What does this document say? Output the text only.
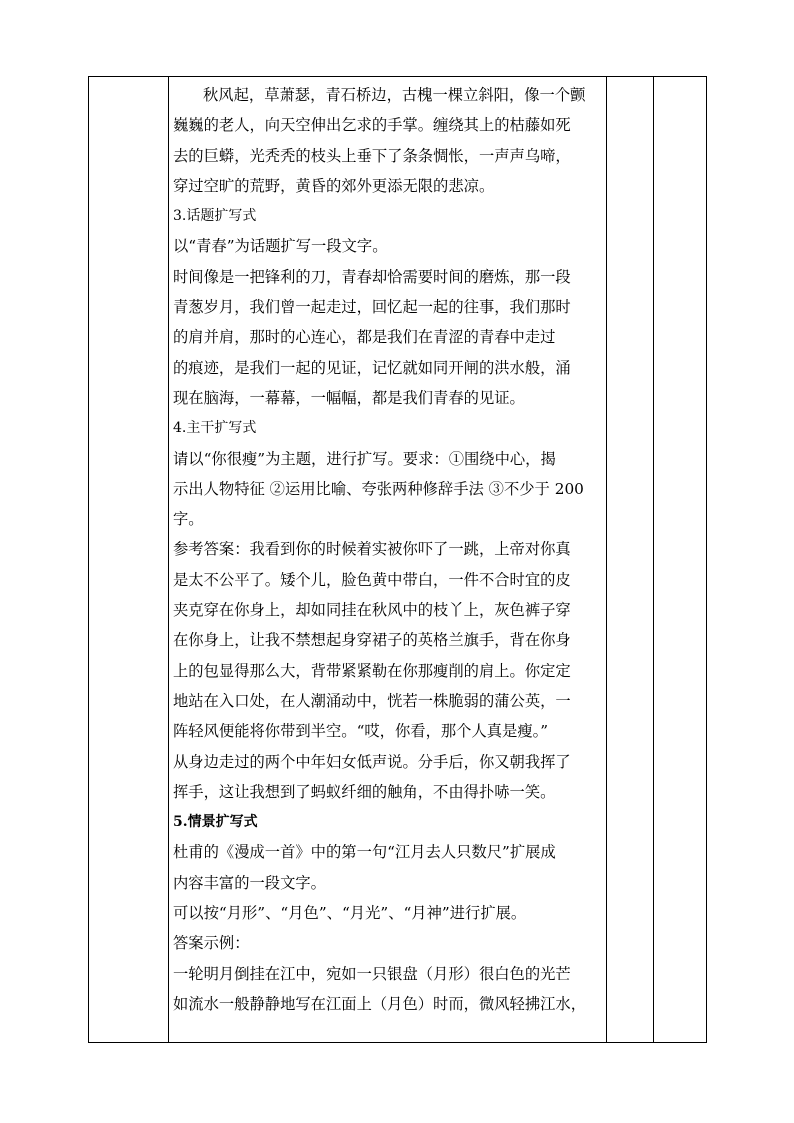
秋风起，草萧瑟，青石桥边，古槐一棵立斜阳，像一个颤

巍巍的老人，向天空伸出乞求的手掌。缠绕其上的枯藤如死

去的巨蟒，光秃秃的枝头上垂下了条条惆怅，一声声乌啼，

穿过空旷的荒野，黄昏的郊外更添无限的悲凉。

3.话题扩写式

以“青春”为话题扩写一段文字。

时间像是一把锋利的刀，青春却恰需要时间的磨炼，那一段

青葱岁月，我们曾一起走过，回忆起一起的往事，我们那时

的肩并肩，那时的心连心，都是我们在青涩的青春中走过

的痕迹，是我们一起的见证，记忆就如同开闸的洪水般，涌

现在脑海，一幕幕，一幅幅，都是我们青春的见证。

4.主干扩写式

请以“你很瘦”为主题，进行扩写。要求：①围绕中心，揭

示出人物特征 ②运用比喻、夸张两种修辞手法 ③不少于 200

字。

参考答案：我看到你的时候着实被你吓了一跳，上帝对你真

是太不公平了。矮个儿，脸色黄中带白，一件不合时宜的皮

夹克穿在你身上，却如同挂在秋风中的枝丫上，灰色裤子穿

在你身上，让我不禁想起身穿裙子的英格兰旗手，背在你身

上的包显得那么大，背带紧紧勒在你那瘦削的肩上。你定定

地站在入口处，在人潮涌动中，恍若一株脆弱的蒲公英，一

阵轻风便能将你带到半空。“哎，你看，那个人真是瘦。”

从身边走过的两个中年妇女低声说。分手后，你又朝我挥了

挥手，这让我想到了蚂蚁纤细的触角，不由得扑哧一笑。

5.情景扩写式

杜甫的《漫成一首》中的第一句“江月去人只数尺”扩展成

内容丰富的一段文字。

可以按“月形”、“月色”、“月光”、“月神”进行扩展。

答案示例：

一轮明月倒挂在江中，宛如一只银盘（月形）很白色的光芒

如流水一般静静地写在江面上（月色）时而，微风轻拂江水，
